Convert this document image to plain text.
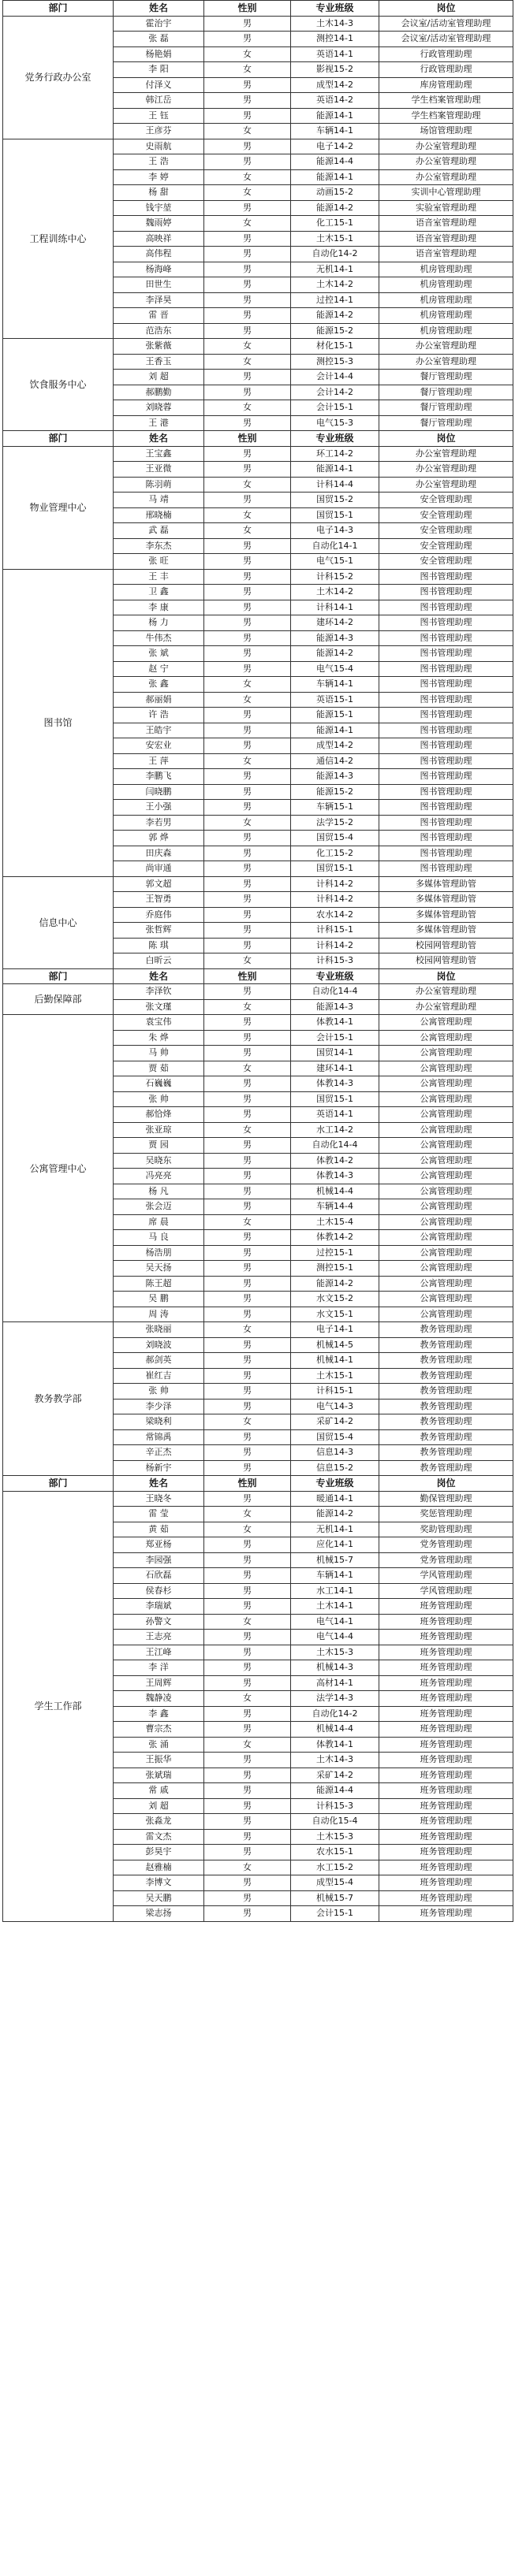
部门	姓名	性别	专业班级	岗位
党务行政办公室	霍治宇	男	土木14-3	会议室/活动室管理助理
	张 磊	男	测控14-1	会议室/活动室管理助理
	杨艳娟	女	英语14-1	行政管理助理
	李 阳	女	影视15-2	行政管理助理
	付泽义	男	成型14-2	库房管理助理
	韩江岳	男	英语14-2	学生档案管理助理
	王 钰	男	能源14-1	学生档案管理助理
	王彦芬	女	车辆14-1	场馆管理助理
工程训练中心	史雨航	男	电子14-2	办公室管理助理
	王 浩	男	能源14-4	办公室管理助理
	李 婷	女	能源14-1	办公室管理助理
	杨 甜	女	动画15-2	实训中心管理助理
	钱宇堃	男	能源14-2	实验室管理助理
	魏雨婷	女	化工15-1	语音室管理助理
	高映祥	男	土木15-1	语音室管理助理
	高伟程	男	自动化14-2	语音室管理助理
	杨海峰	男	无机14-1	机房管理助理
	田世生	男	土木14-2	机房管理助理
	李泽昊	男	过控14-1	机房管理助理
	雷 晋	男	能源14-2	机房管理助理
	范浩东	男	能源15-2	机房管理助理
饮食服务中心	张紫薇	女	材化15-1	办公室管理助理
	王香玉	女	测控15-3	办公室管理助理
	刘 超	男	会计14-4	餐厅管理助理
	郝鹏勤	男	会计14-2	餐厅管理助理
	刘晓蓉	女	会计15-1	餐厅管理助理
	王 港	男	电气15-3	餐厅管理助理
部门	姓名	性别	专业班级	岗位
物业管理中心	王宝鑫	男	环工14-2	办公室管理助理
	王亚微	男	能源14-1	办公室管理助理
	陈羽萌	女	计科14-4	办公室管理助理
	马 靖	男	国贸15-2	安全管理助理
	邢晓楠	女	国贸15-1	安全管理助理
	武 磊	女	电子14-3	安全管理助理
	李东杰	男	自动化14-1	安全管理助理
	张 旺	男	电气15-1	安全管理助理
图书馆	王 丰	男	计科15-2	图书管理助理
	卫 鑫	男	土木14-2	图书管理助理
	李 康	男	计科14-1	图书管理助理
	杨 力	男	建环14-2	图书管理助理
	牛伟杰	男	能源14-3	图书管理助理
	张 斌	男	能源14-2	图书管理助理
	赵 宁	男	电气15-4	图书管理助理
	张 鑫	女	车辆14-1	图书管理助理
	郝丽娟	女	英语15-1	图书管理助理
	许 浩	男	能源15-1	图书管理助理
	王皓宇	男	能源14-1	图书管理助理
	安宏业	男	成型14-2	图书管理助理
	王 萍	女	通信14-2	图书管理助理
	李鹏飞	男	能源14-3	图书管理助理
	闫晓鹏	男	能源15-2	图书管理助理
	王小强	男	车辆15-1	图书管理助理
	李若男	女	法学15-2	图书管理助理
	郭 烨	男	国贸15-4	图书管理助理
	田庆森	男	化工15-2	图书管理助理
	尚审通	男	国贸15-1	图书管理助理
信息中心	郭文超	男	计科14-2	多媒体管理助管
	王智勇	男	计科14-2	多媒体管理助管
	乔庭伟	男	农水14-2	多媒体管理助管
	张哲辉	男	计科15-1	多媒体管理助管
	陈 琪	男	计科14-2	校园网管理助管
	白昕云	女	计科15-3	校园网管理助管
部门	姓名	性别	专业班级	岗位
后勤保障部	李泽钦	男	自动化14-4	办公室管理助理
	张文瑾	女	能源14-3	办公室管理助理
公寓管理中心	袁宝伟	男	体教14-1	公寓管理助理
	朱 烨	男	会计15-1	公寓管理助理
	马 帅	男	国贸14-1	公寓管理助理
	贾 茹	女	建环14-1	公寓管理助理
	石巍巍	男	体教14-3	公寓管理助理
	张 帅	男	国贸15-1	公寓管理助理
	郝恰烽	男	英语14-1	公寓管理助理
	张亚琼	女	水工14-2	公寓管理助理
	贾 园	男	自动化14-4	公寓管理助理
	吴晓东	男	体教14-2	公寓管理助理
	冯亮亮	男	体教14-3	公寓管理助理
	杨 凡	男	机械14-4	公寓管理助理
	张会迈	男	车辆14-4	公寓管理助理
	席 晨	女	土木15-4	公寓管理助理
	马 良	男	体教14-2	公寓管理助理
	杨浩朋	男	过控15-1	公寓管理助理
	吴天扬	男	测控15-1	公寓管理助理
	陈王超	男	能源14-2	公寓管理助理
	吴 鹏	男	水文15-2	公寓管理助理
	周 涛	男	水文15-1	公寓管理助理
教务教学部	张晓丽	女	电子14-1	教务管理助理
	刘晓波	男	机械14-5	教务管理助理
	郝剑英	男	机械14-1	教务管理助理
	崔红吉	男	土木15-1	教务管理助理
	张 帅	男	计科15-1	教务管理助理
	李少泽	男	电气14-3	教务管理助理
	梁晓利	女	采矿14-2	教务管理助理
	常锦禹	男	国贸15-4	教务管理助理
	辛正杰	男	信息14-3	教务管理助理
	杨新宇	男	信息15-2	教务管理助理
部门	姓名	性别	专业班级	岗位
学生工作部	王晓冬	男	暖通14-1	勤保管理助理
	雷 莹	女	能源14-2	奖惩管理助理
	黄 茹	女	无机14-1	奖助管理助理
	郑亚杨	男	应化14-1	党务管理助理
	李园强	男	机械15-7	党务管理助理
	石欣磊	男	车辆14-1	学风管理助理
	侯春杉	男	水工14-1	学风管理助理
	李瑞斌	男	土木14-1	班务管理助理
	孙警文	女	电气14-1	班务管理助理
	王志亮	男	电气14-4	班务管理助理
	王江峰	男	土木15-3	班务管理助理
	李 洋	男	机械14-3	班务管理助理
	王周辉	男	高材14-1	班务管理助理
	魏静凌	女	法学14-3	班务管理助理
	李 鑫	男	自动化14-2	班务管理助理
	曹宗杰	男	机械14-4	班务管理助理
	张 涌	女	体教14-1	班务管理助理
	王振华	男	土木14-3	班务管理助理
	张斌瑞	男	采矿14-2	班务管理助理
	常 戚	男	能源14-4	班务管理助理
	刘 超	男	计科15-3	班务管理助理
	张淼龙	男	自动化15-4	班务管理助理
	雷文杰	男	土木15-3	班务管理助理
	彭昊宇	男	农水15-1	班务管理助理
	赵雅楠	女	水工15-2	班务管理助理
	李博文	男	成型15-4	班务管理助理
	吴天鹏	男	机械15-7	班务管理助理
	梁志扬	男	会计15-1	班务管理助理
